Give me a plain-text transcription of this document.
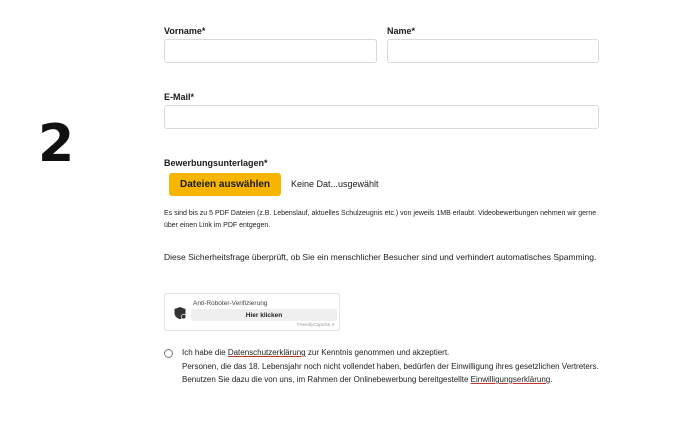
2
Vorname*	Name*
E-Mail*
Bewerbungsunterlagen*
Dateien auswählen	Keine Dat...usgewählt
Es sind bis zu 5 PDF Dateien (z.B. Lebenslauf, aktuelles Schulzeugnis etc.) von jeweils 1MB erlaubt. Videobewerbungen nehmen wir gerne über einen Link im PDF entgegen.
Diese Sicherheitsfrage überprüft, ob Sie ein menschlicher Besucher sind und verhindert automatisches Spamming.
Anti-Roboter-Verifizierung
Hier klicken
FriendlyCaptcha ⇗
Ich habe die Datenschutzerklärung zur Kenntnis genommen und akzeptiert.
Personen, die das 18. Lebensjahr noch nicht vollendet haben, bedürfen der Einwilligung ihres gesetzlichen Vertreters. Benutzen Sie dazu die von uns, im Rahmen der Onlinebewerbung bereitgestellte Einwilligungserklärung.
